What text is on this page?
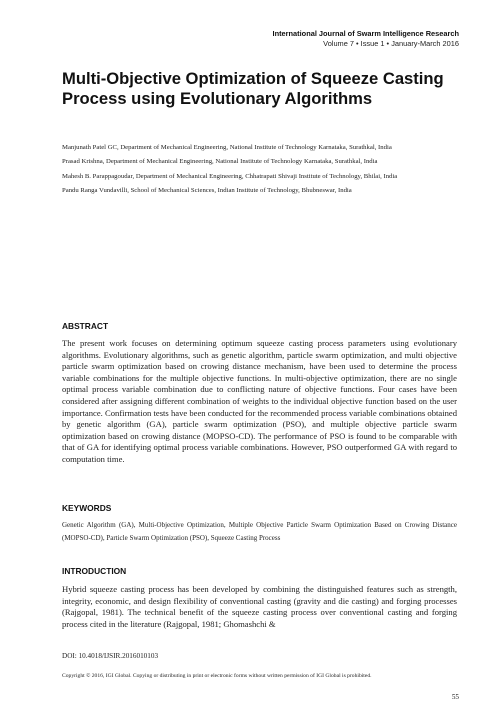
International Journal of Swarm Intelligence Research
Volume 7 • Issue 1 • January-March 2016
Multi-Objective Optimization of Squeeze Casting Process using Evolutionary Algorithms
Manjunath Patel GC, Department of Mechanical Engineering, National Institute of Technology Karnataka, Surathkal, India
Prasad Krishna, Department of Mechanical Engineering, National Institute of Technology Karnataka, Surathkal, India
Mahesh B. Parappagoudar, Department of Mechanical Engineering, Chhatrapati Shivaji Institute of Technology, Bhilai, India
Pandu Ranga Vundavilli, School of Mechanical Sciences, Indian Institute of Technology, Bhubneswar, India
ABSTRACT

The present work focuses on determining optimum squeeze casting process parameters using evolutionary algorithms. Evolutionary algorithms, such as genetic algorithm, particle swarm optimization, and multi objective particle swarm optimization based on crowing distance mechanism, have been used to determine the process variable combinations for the multiple objective functions. In multi-objective optimization, there are no single optimal process variable combination due to conflicting nature of objective functions. Four cases have been considered after assigning different combination of weights to the individual objective function based on the user importance. Confirmation tests have been conducted for the recommended process variable combinations obtained by genetic algorithm (GA), particle swarm optimization (PSO), and multiple objective particle swarm optimization based on crowing distance (MOPSO-CD). The performance of PSO is found to be comparable with that of GA for identifying optimal process variable combinations. However, PSO outperformed GA with regard to computation time.

KEYWORDS

Genetic Algorithm (GA), Multi-Objective Optimization, Multiple Objective Particle Swarm Optimization Based on Crowing Distance (MOPSO-CD), Particle Swarm Optimization (PSO), Squeeze Casting Process

INTRODUCTION

Hybrid squeeze casting process has been developed by combining the distinguished features such as strength, integrity, economic, and design flexibility of conventional casting (gravity and die casting) and forging processes (Rajgopal, 1981). The technical benefit of the squeeze casting process over conventional casting and forging process cited in the literature (Rajgopal, 1981; Ghomashchi &

DOI: 10.4018/IJSIR.2016010103
Copyright © 2016, IGI Global. Copying or distributing in print or electronic forms without written permission of IGI Global is prohibited.
55
